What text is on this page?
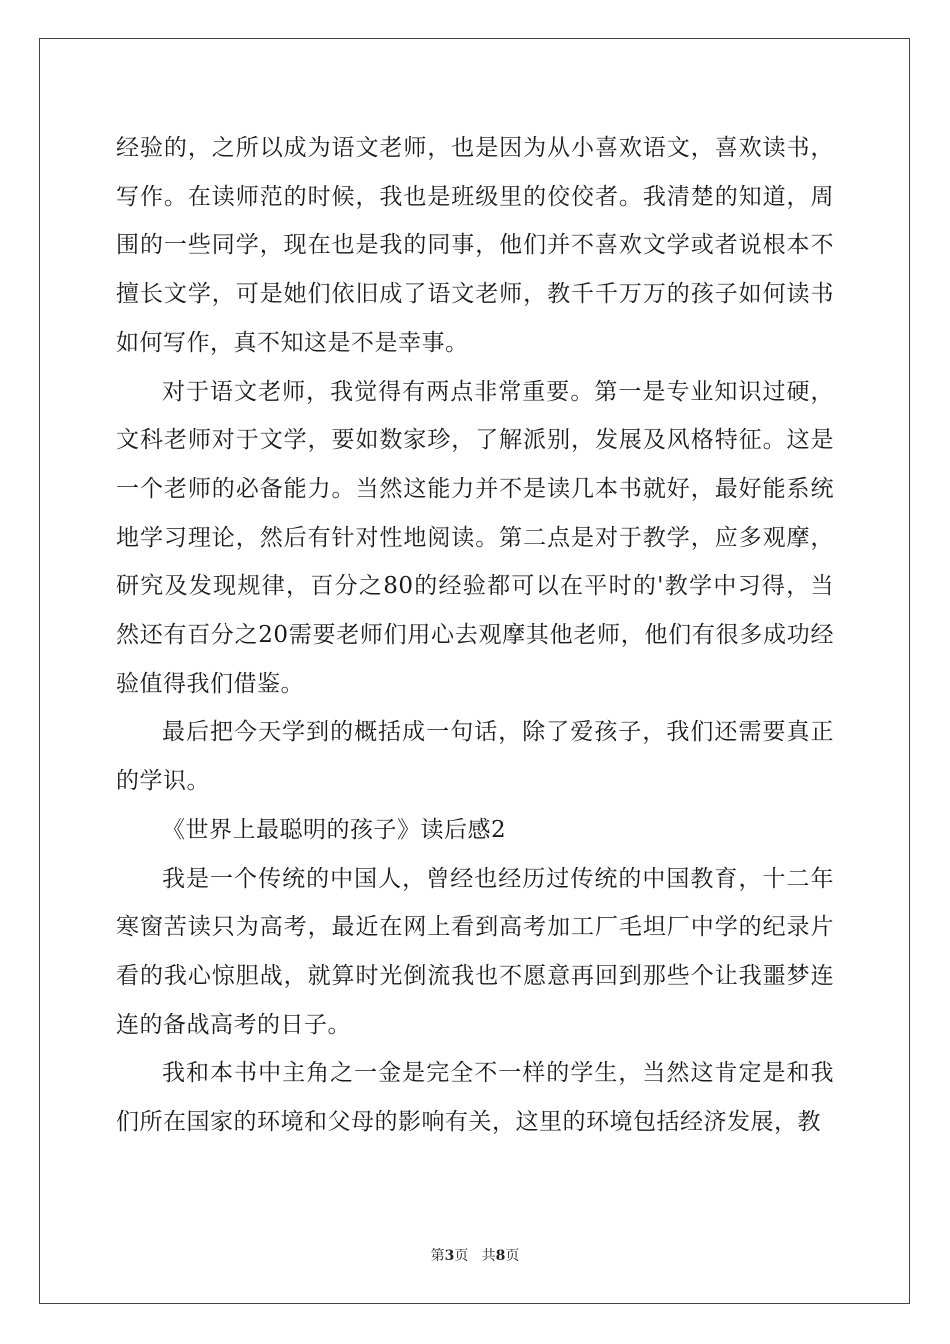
经验的，之所以成为语文老师，也是因为从小喜欢语文，喜欢读书，写作。在读师范的时候，我也是班级里的佼佼者。我清楚的知道，周围的一些同学，现在也是我的同事，他们并不喜欢文学或者说根本不擅长文学，可是她们依旧成了语文老师，教千千万万的孩子如何读书如何写作，真不知这是不是幸事。

对于语文老师，我觉得有两点非常重要。第一是专业知识过硬，文科老师对于文学，要如数家珍，了解派别，发展及风格特征。这是一个老师的必备能力。当然这能力并不是读几本书就好，最好能系统地学习理论，然后有针对性地阅读。第二点是对于教学，应多观摩，研究及发现规律，百分之80的经验都可以在平时的'教学中习得，当然还有百分之20需要老师们用心去观摩其他老师，他们有很多成功经验值得我们借鉴。

最后把今天学到的概括成一句话，除了爱孩子，我们还需要真正的学识。

《世界上最聪明的孩子》读后感2

我是一个传统的中国人，曾经也经历过传统的中国教育，十二年寒窗苦读只为高考，最近在网上看到高考加工厂毛坦厂中学的纪录片看的我心惊胆战，就算时光倒流我也不愿意再回到那些个让我噩梦连连的备战高考的日子。

我和本书中主角之一金是完全不一样的学生，当然这肯定是和我们所在国家的环境和父母的影响有关，这里的环境包括经济发展，教

第3页 共8页
